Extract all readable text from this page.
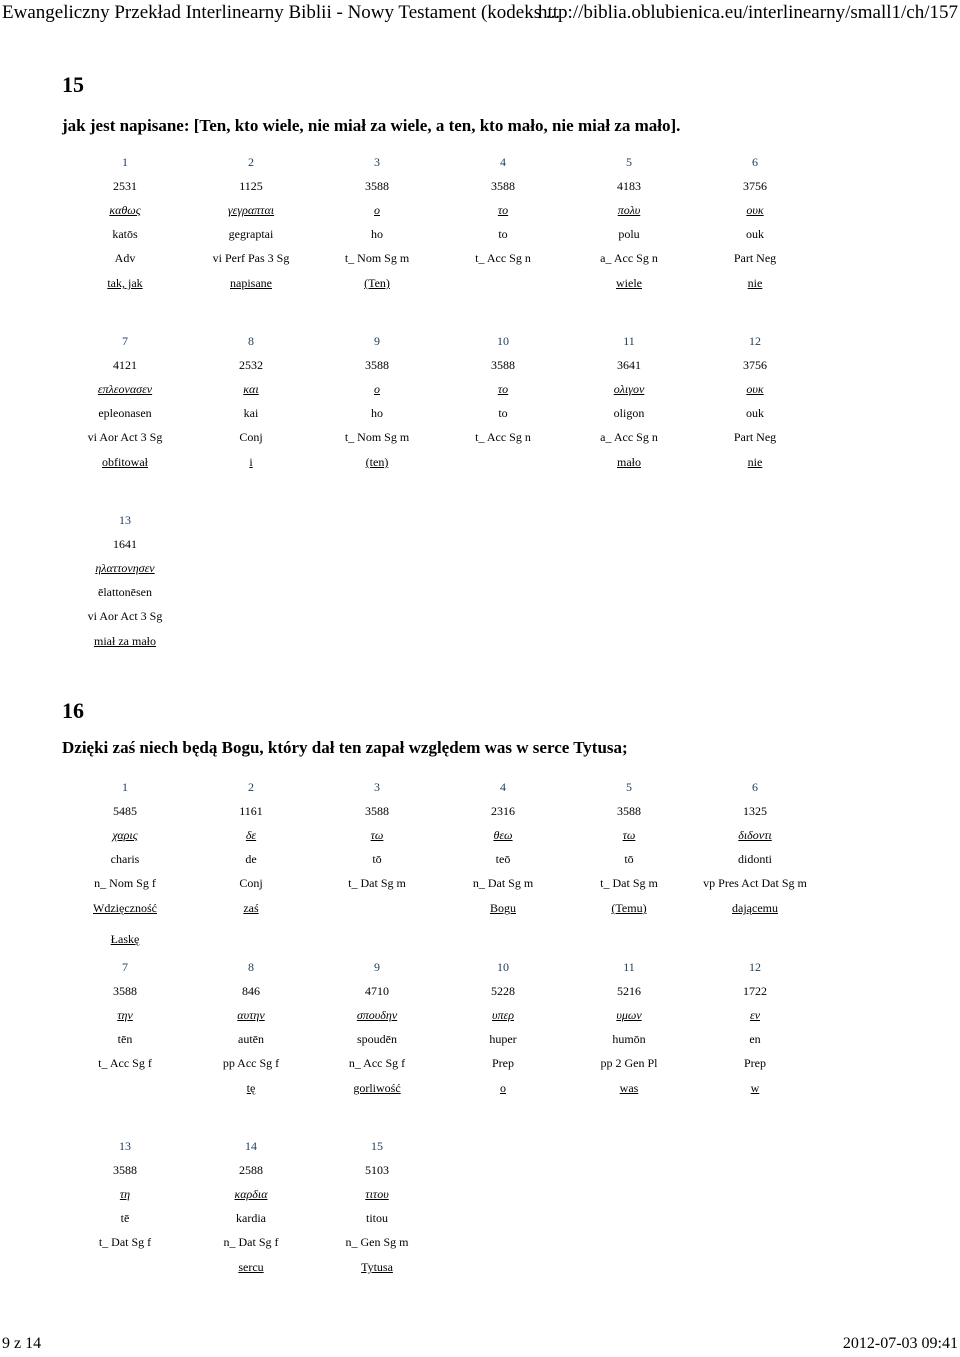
Ewangeliczny Przekład Interlinearny Biblii - Nowy Testament (kodeks ...
http://biblia.oblubienica.eu/interlinearny/small1/ch/157
15
jak jest napisane: [Ten, kto wiele, nie miał za wiele, a ten, kto mało, nie miał za mało].
1
2531
καθως
katōs
Adv
tak, jak
2
1125
γεγραπται
gegraptai
vi Perf Pas 3 Sg
napisane
3
3588
ο
ho
t_ Nom Sg m
(Ten)
4
3588
το
to
t_ Acc Sg n
5
4183
πολυ
polu
a_ Acc Sg n
wiele
6
3756
ουκ
ouk
Part Neg
nie
7
4121
επλεονασεν
epleonasen
vi Aor Act 3 Sg
obfitował
8
2532
και
kai
Conj
i
9
3588
ο
ho
t_ Nom Sg m
(ten)
10
3588
το
to
t_ Acc Sg n
11
3641
ολιγον
oligon
a_ Acc Sg n
mało
12
3756
ουκ
ouk
Part Neg
nie
13
1641
ηλαττονησεν
ēlattonēsen
vi Aor Act 3 Sg
miał za mało
16
Dzięki zaś niech będą Bogu, który dał ten zapał względem was w serce Tytusa;
1
5485
χαρις
charis
n_ Nom Sg f
Wdzięczność
2
1161
δε
de
Conj
zaś
3
3588
τω
tō
t_ Dat Sg m
4
2316
θεω
teō
n_ Dat Sg m
Bogu
5
3588
τω
tō
t_ Dat Sg m
(Temu)
6
1325
διδοντι
didonti
vp Pres Act Dat Sg m
dającemu
Łaskę
7
3588
την
tēn
t_ Acc Sg f
8
846
αυτην
autēn
pp Acc Sg f
tę
9
4710
σπουδην
spoudēn
n_ Acc Sg f
gorliwość
10
5228
υπερ
huper
Prep
o
11
5216
υμων
humōn
pp 2 Gen Pl
was
12
1722
εν
en
Prep
w
13
3588
τη
tē
t_ Dat Sg f
14
2588
καρδια
kardia
n_ Dat Sg f
sercu
15
5103
τιτου
titou
n_ Gen Sg m
Tytusa
9 z 14	2012-07-03 09:41
